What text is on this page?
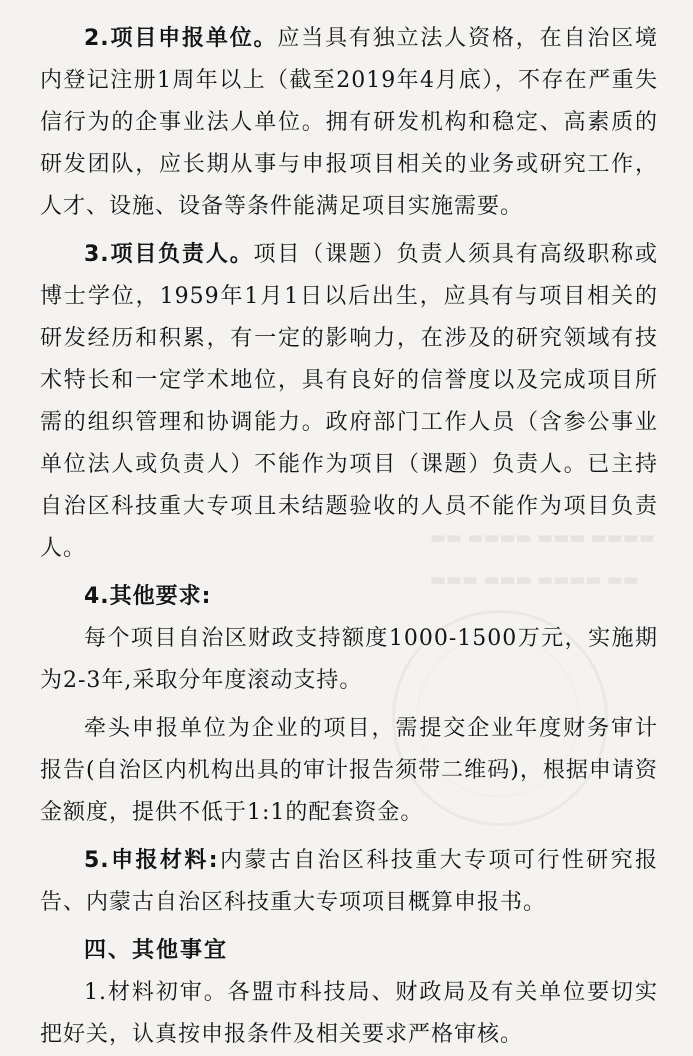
▬▬ ▬▬▬▬ ▬▬▬ ▬▬▬▬
▬▬▬ ▬▬▬ ▬▬▬▬ ▬▬

2.项目申报单位。应当具有独立法人资格，在自治区境内登记注册1周年以上（截至2019年4月底），不存在严重失信行为的企事业法人单位。拥有研发机构和稳定、高素质的研发团队，应长期从事与申报项目相关的业务或研究工作，人才、设施、设备等条件能满足项目实施需要。

3.项目负责人。项目（课题）负责人须具有高级职称或博士学位，1959年1月1日以后出生，应具有与项目相关的研发经历和积累，有一定的影响力，在涉及的研究领域有技术特长和一定学术地位，具有良好的信誉度以及完成项目所需的组织管理和协调能力。政府部门工作人员（含参公事业单位法人或负责人）不能作为项目（课题）负责人。已主持自治区科技重大专项且未结题验收的人员不能作为项目负责人。

4.其他要求:

每个项目自治区财政支持额度1000-1500万元，实施期为2-3年,采取分年度滚动支持。

牵头申报单位为企业的项目，需提交企业年度财务审计报告(自治区内机构出具的审计报告须带二维码)，根据申请资金额度，提供不低于1:1的配套资金。

5.申报材料:内蒙古自治区科技重大专项可行性研究报告、内蒙古自治区科技重大专项项目概算申报书。

四、其他事宜

1.材料初审。各盟市科技局、财政局及有关单位要切实把好关，认真按申报条件及相关要求严格审核。
